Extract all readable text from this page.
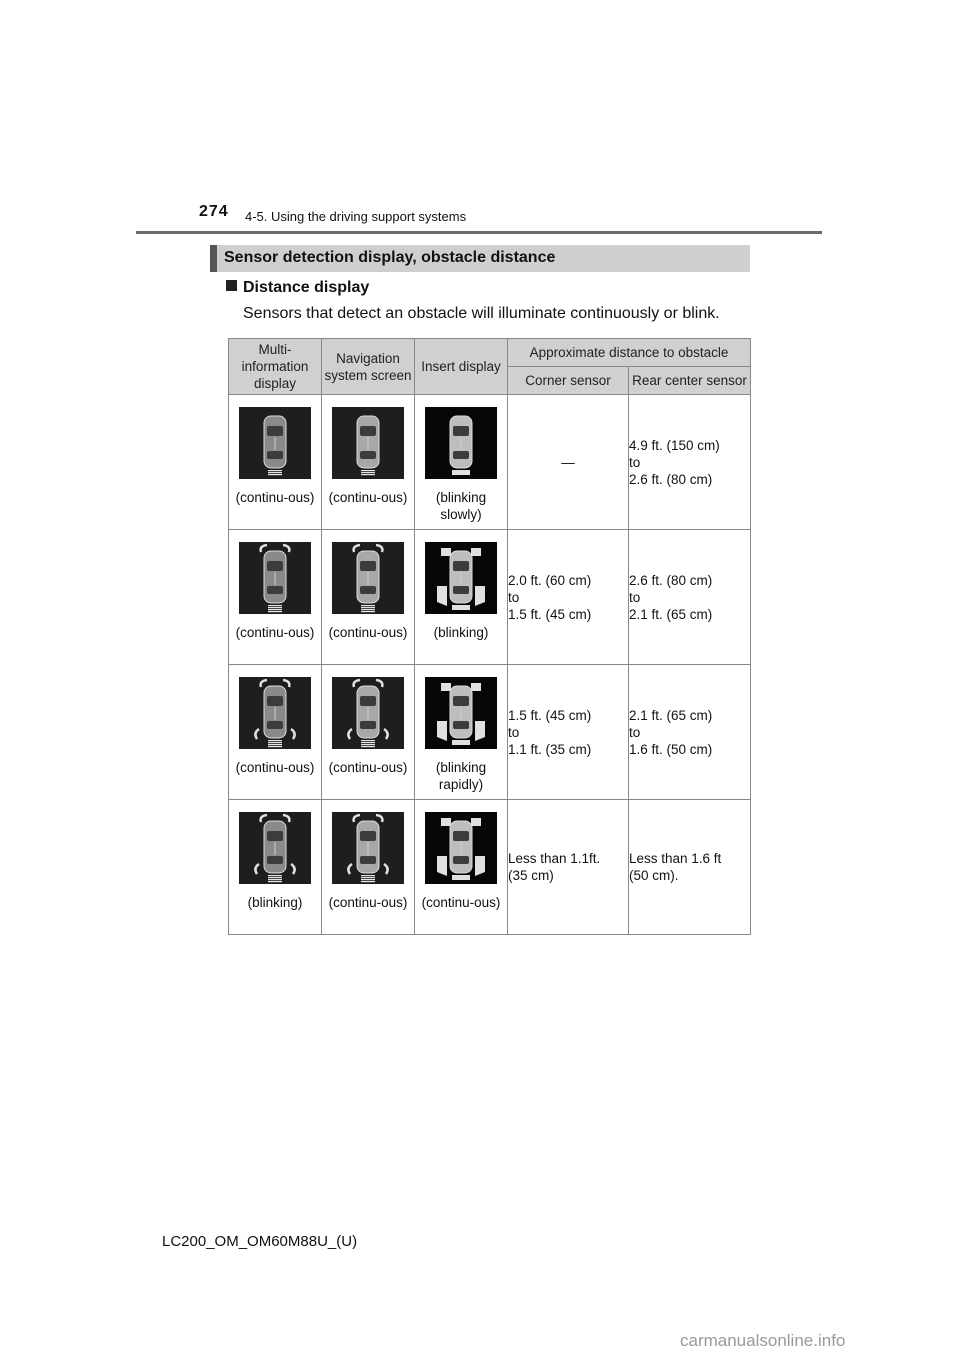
274 4-5. Using the driving support systems
Sensor detection display, obstacle distance
Distance display
Sensors that detect an obstacle will illuminate continuously or blink.
Multi-information display	Navigation system screen	Insert display	Approximate distance to obstacle	
			Corner sensor	Rear center sensor

(continu-ous)	(continu-ous)	(blinking slowly)	—	4.9 ft. (150 cm)
to
2.6 ft. (80 cm)

(continu-ous)	(continu-ous)	(blinking)	2.0 ft. (60 cm)
to
1.5 ft. (45 cm)	2.6 ft. (80 cm)
to
2.1 ft. (65 cm)

(continu-ous)	(continu-ous)	(blinking rapidly)	1.5 ft. (45 cm)
to
1.1 ft. (35 cm)	2.1 ft. (65 cm)
to
1.6 ft. (50 cm)

(blinking)	(continu-ous)	(continu-ous)	Less than 1.1ft.
(35 cm)	Less than 1.6 ft
(50 cm).
LC200_OM_OM60M88U_(U)
carmanualsonline.info
